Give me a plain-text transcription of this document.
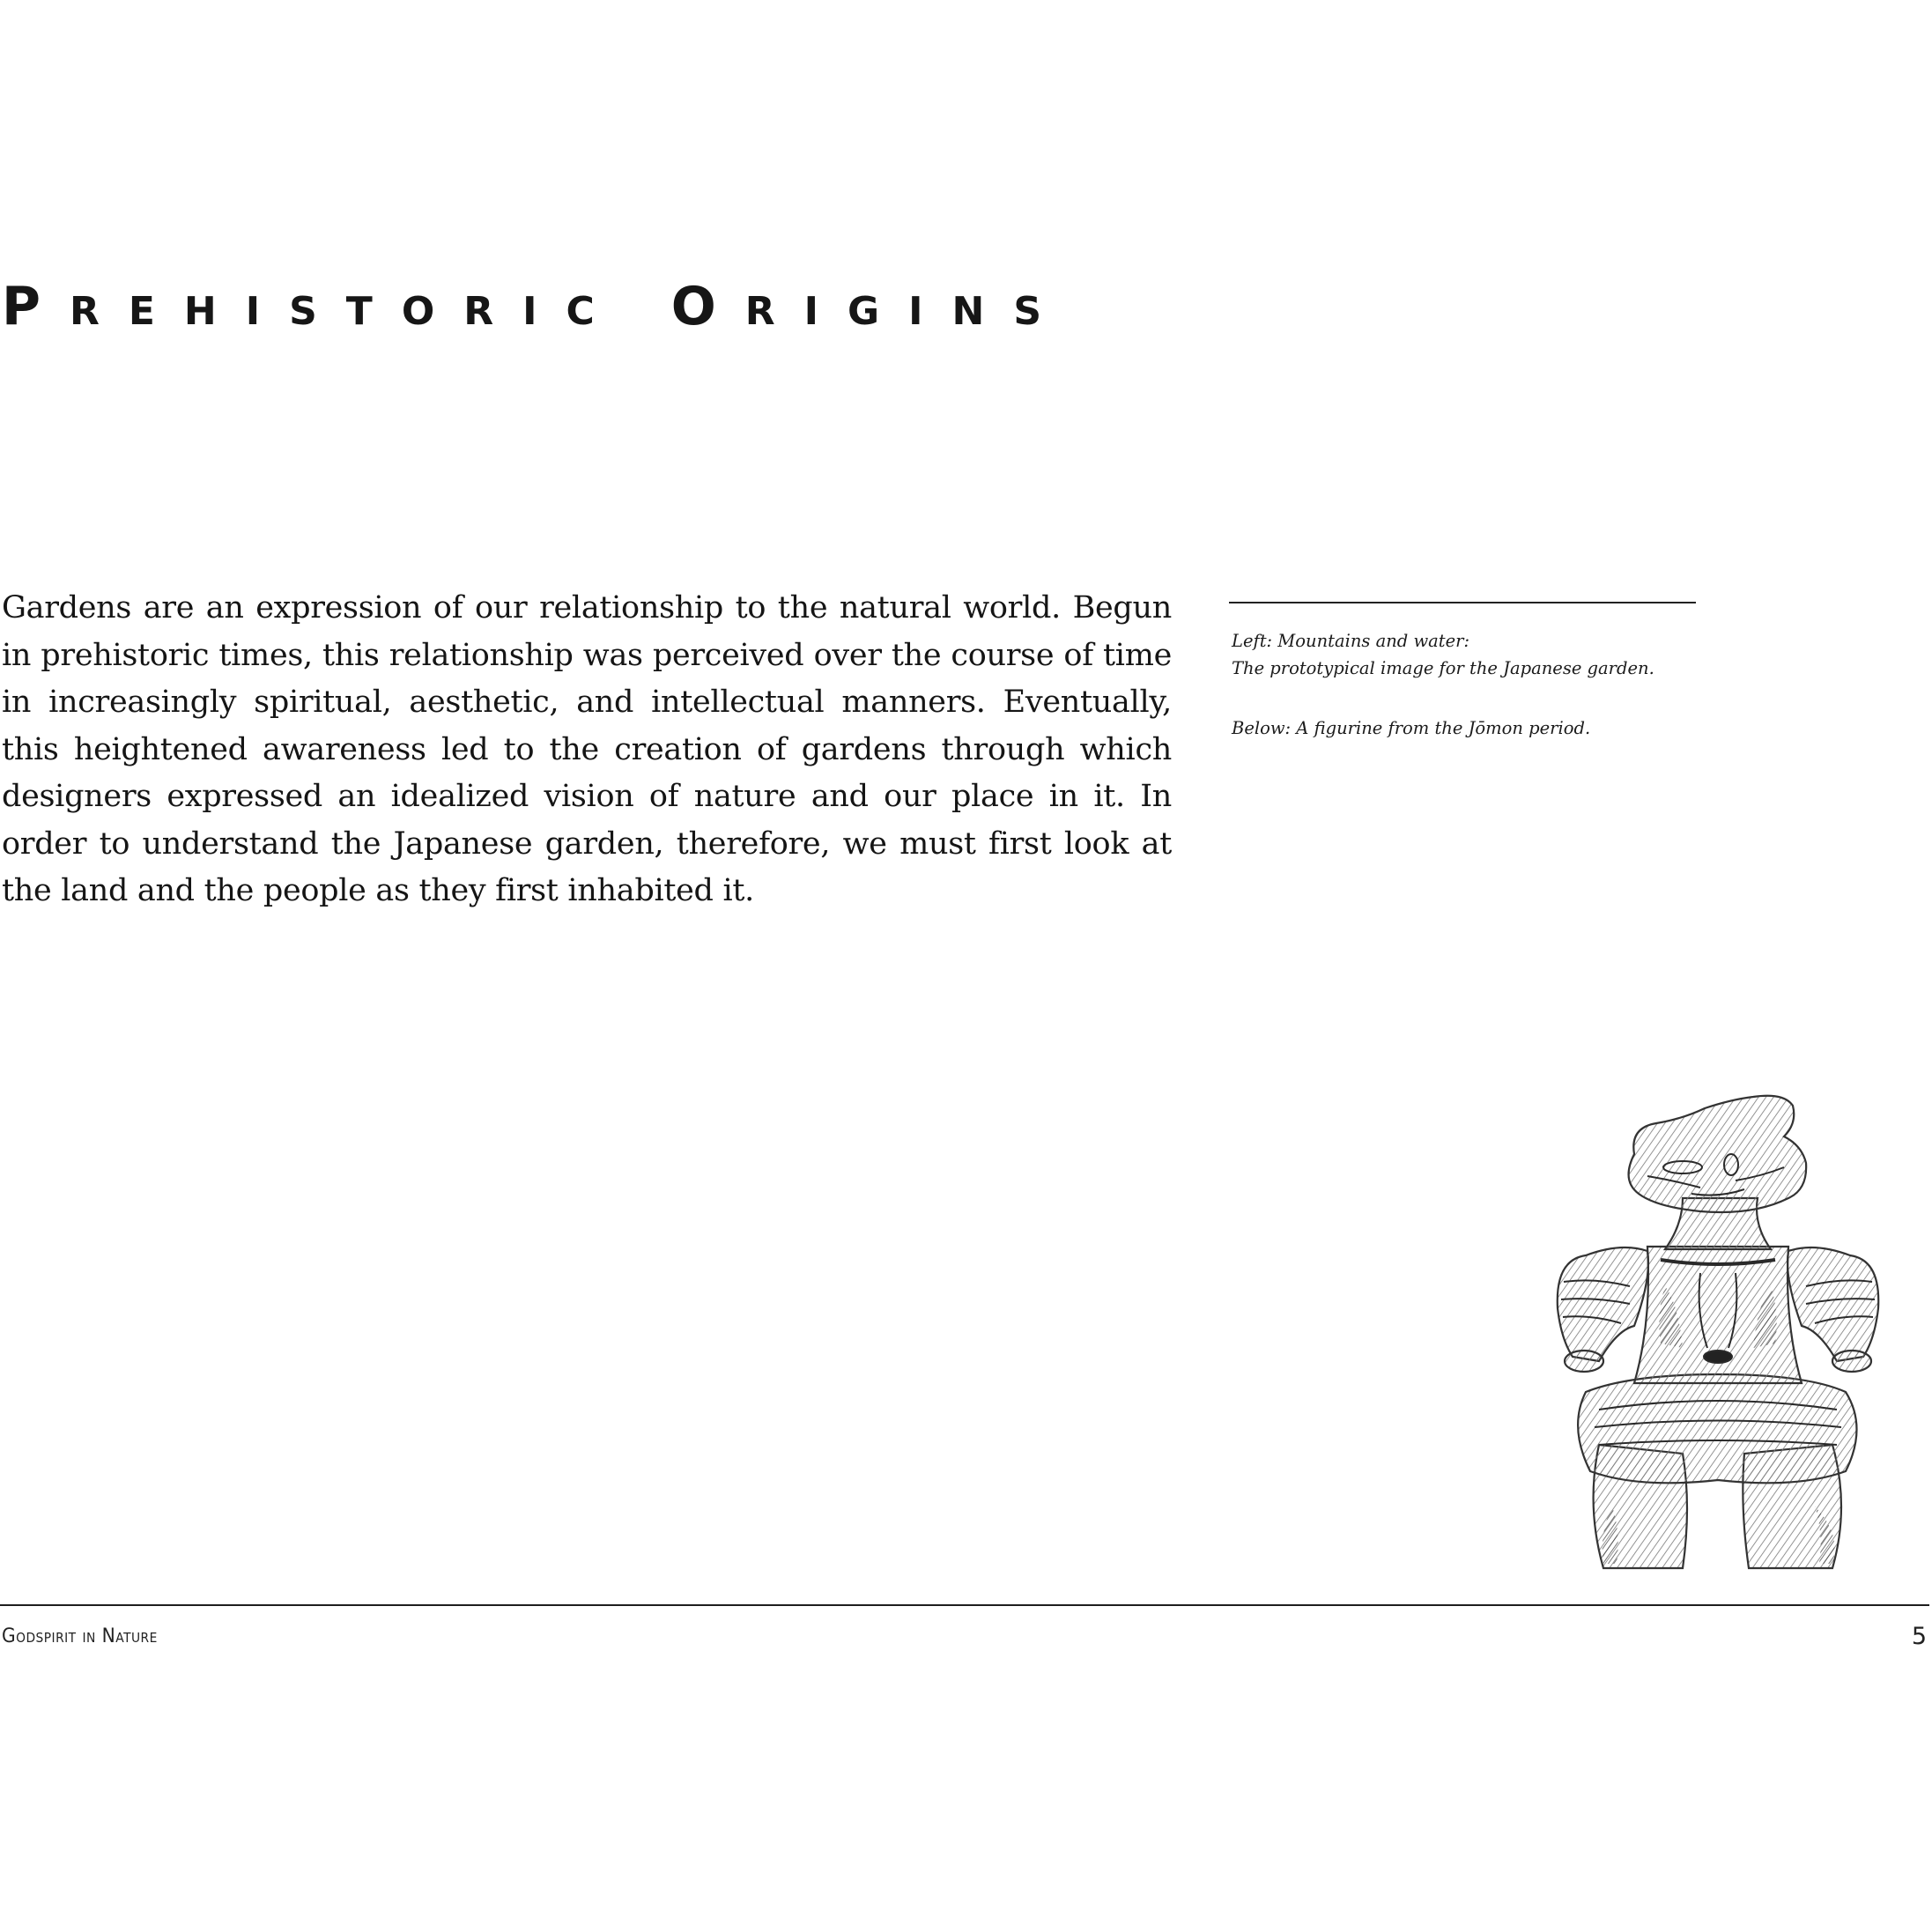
PREHISTORIC ORIGINS

Gardens are an expression of our relationship to the natural world. Begun in prehistoric times, this relationship was perceived over the course of time in increasingly spiritual, aesthetic, and intellectual manners. Eventually, this heightened awareness led to the creation of gardens through which designers expressed an idealized vision of nature and our place in it. In order to understand the Japanese garden, therefore, we must first look at the land and the people as they first inhabited it.

Left: Mountains and water:

The prototypical image for the Japanese garden.

Below: A figurine from the Jōmon period.

Godspirit in Nature	5
